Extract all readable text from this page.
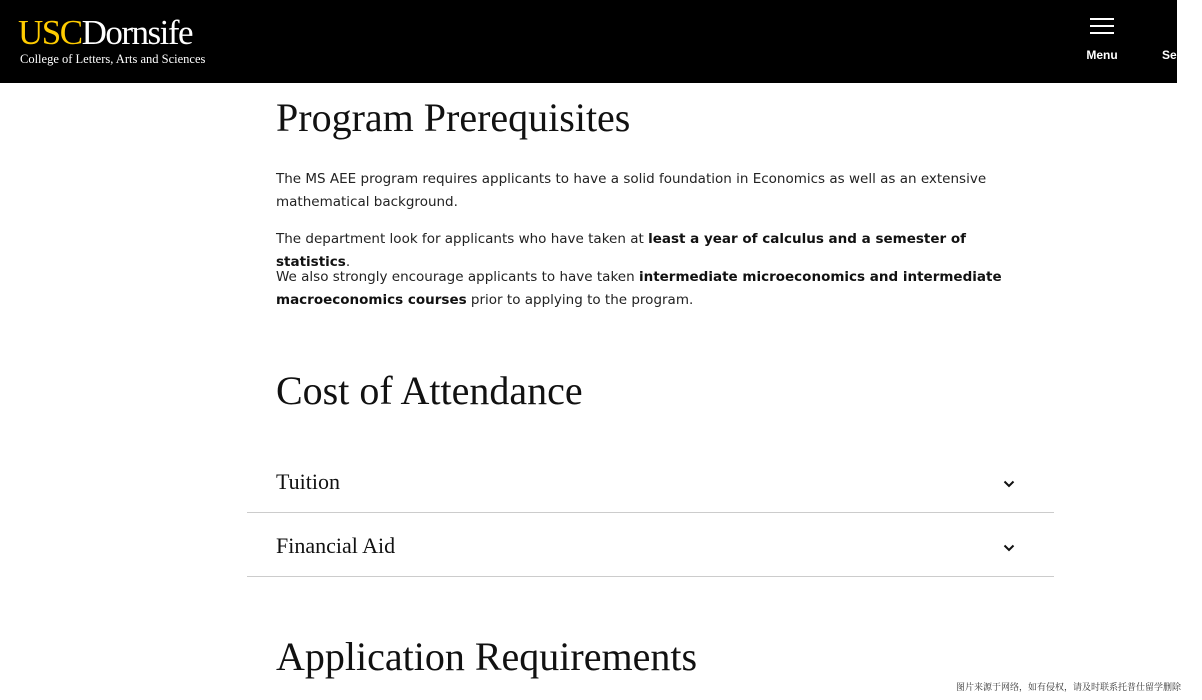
USCDornsife
College of Letters, Arts and Sciences	Menu	Search
Program Prerequisites

The MS AEE program requires applicants to have a solid foundation in Economics as well as an extensive mathematical background.

The department look for applicants who have taken at least a year of calculus and a semester of statistics.

We also strongly encourage applicants to have taken intermediate microeconomics and intermediate macroeconomics courses prior to applying to the program.

Cost of Attendance
Tuition
Financial Aid
Application Requirements
图片来源于网络，如有侵权，请及时联系托普仕留学删除
